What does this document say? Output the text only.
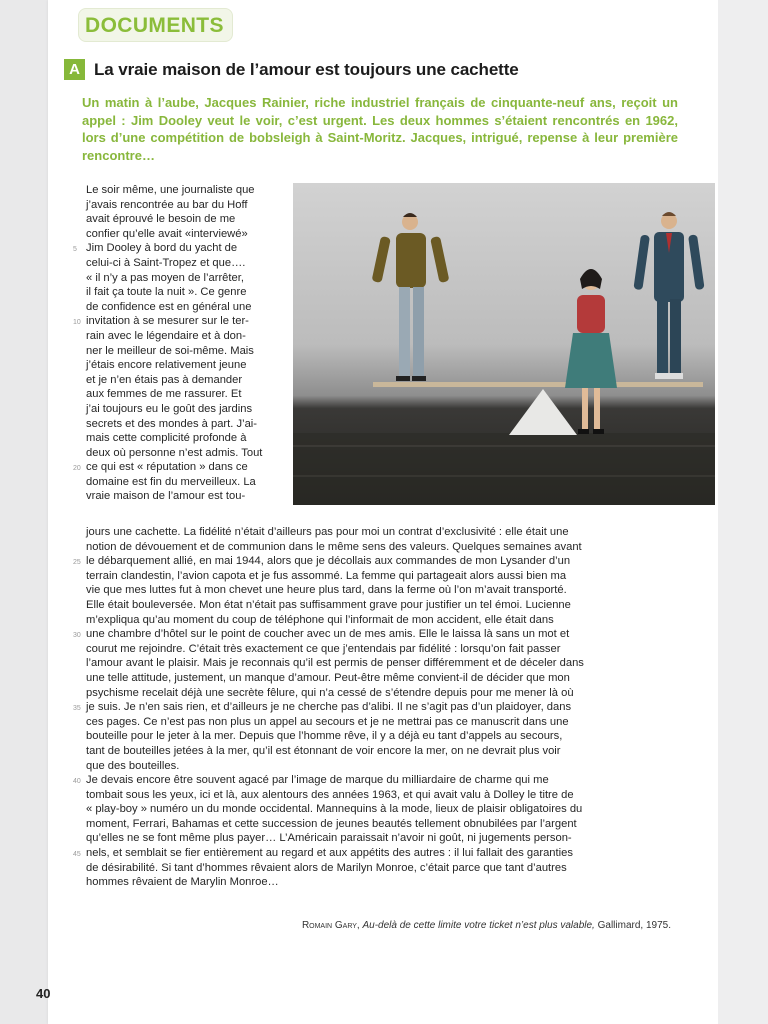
DOCUMENTS
A La vraie maison de l’amour est toujours une cachette
Un matin à l’aube, Jacques Rainier, riche industriel français de cinquante-neuf ans, reçoit un appel : Jim Dooley veut le voir, c’est urgent. Les deux hommes s’étaient rencontrés en 1962, lors d’une compétition de bobsleigh à Saint-Moritz. Jacques, intrigué, repense à leur première rencontre…
Le soir même, une journaliste que
j’avais rencontrée au bar du Hoff
avait éprouvé le besoin de me
confier qu’elle avait «interviewé»
5 Jim Dooley à bord du yacht de
celui-ci à Saint-Tropez et que….
« il n’y a pas moyen de l’arrêter,
il fait ça toute la nuit ». Ce genre
de confidence est en général une
10 invitation à se mesurer sur le ter-
rain avec le légendaire et à don-
ner le meilleur de soi-même. Mais
j’étais encore relativement jeune
et je n’en étais pas à demander
aux femmes de me rassurer. Et
j’ai toujours eu le goût des jardins
secrets et des mondes à part. J’ai-
mais cette complicité profonde à
deux où personne n’est admis. Tout
20 ce qui est « réputation » dans ce
domaine est fin du merveilleux. La
vraie maison de l’amour est tou-
jours une cachette. La fidélité n’était d’ailleurs pas pour moi un contrat d’exclusivité : elle était une
notion de dévouement et de communion dans le même sens des valeurs. Quelques semaines avant
25 le débarquement allié, en mai 1944, alors que je décollais aux commandes de mon Lysander d’un
terrain clandestin, l’avion capota et je fus assommé. La femme qui partageait alors aussi bien ma
vie que mes luttes fut à mon chevet une heure plus tard, dans la ferme où l’on m’avait transporté.
Elle était bouleversée. Mon état n’était pas suffisamment grave pour justifier un tel émoi. Lucienne
m’expliqua qu’au moment du coup de téléphone qui l’informait de mon accident, elle était dans
30 une chambre d’hôtel sur le point de coucher avec un de mes amis. Elle le laissa là sans un mot et
courut me rejoindre. C’était très exactement ce que j’entendais par fidélité : lorsqu’on fait passer
l’amour avant le plaisir. Mais je reconnais qu’il est permis de penser différemment et de déceler dans
une telle attitude, justement, un manque d’amour. Peut-être même convient-il de décider que mon
psychisme recelait déjà une secrète fêlure, qui n’a cessé de s’étendre depuis pour me mener là où
35 je suis. Je n’en sais rien, et d’ailleurs je ne cherche pas d’alibi. Il ne s’agit pas d’un plaidoyer, dans
ces pages. Ce n’est pas non plus un appel au secours et je ne mettrai pas ce manuscrit dans une
bouteille pour le jeter à la mer. Depuis que l’homme rêve, il y a déjà eu tant d’appels au secours,
tant de bouteilles jetées à la mer, qu’il est étonnant de voir encore la mer, on ne devrait plus voir
que des bouteilles.
40 Je devais encore être souvent agacé par l’image de marque du milliardaire de charme qui me
tombait sous les yeux, ici et là, aux alentours des années 1963, et qui avait valu à Dolley le titre de
« play-boy » numéro un du monde occidental. Mannequins à la mode, lieux de plaisir obligatoires du
moment, Ferrari, Bahamas et cette succession de jeunes beautés tellement obnubilées par l’argent
qu’elles ne se font même plus payer… L’Américain paraissait n’avoir ni goût, ni jugements person-
45 nels, et semblait se fier entièrement au regard et aux appétits des autres : il lui fallait des garanties
de désirabilité. Si tant d’hommes rêvaient alors de Marilyn Monroe, c’était parce que tant d’autres
hommes rêvaient de Marylin Monroe…
Romain Gary, Au-delà de cette limite votre ticket n’est plus valable, Gallimard, 1975.
40
